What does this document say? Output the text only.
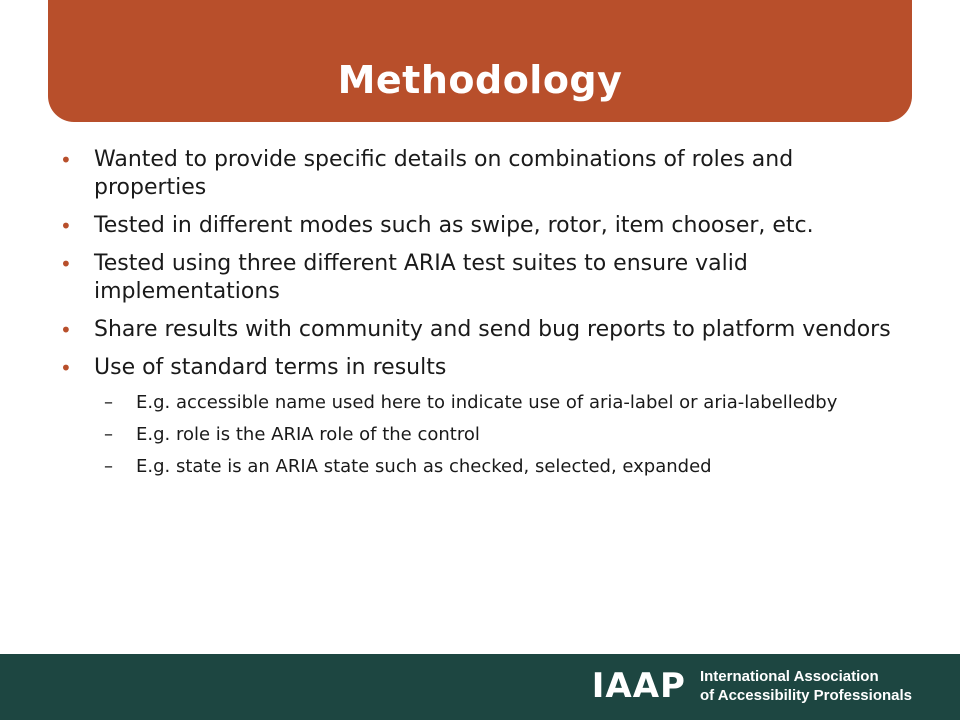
Methodology
• Wanted to provide specific details on combinations of roles and properties
• Tested in different modes such as swipe, rotor, item chooser, etc.
• Tested using three different ARIA test suites to ensure valid implementations
• Share results with community and send bug reports to platform vendors
• Use of standard terms in results
– E.g. accessible name used here to indicate use of aria-label or aria-labelledby
– E.g. role is the ARIA role of the control
– E.g. state is an ARIA state such as checked, selected, expanded
IAAP International Association
of Accessibility Professionals
